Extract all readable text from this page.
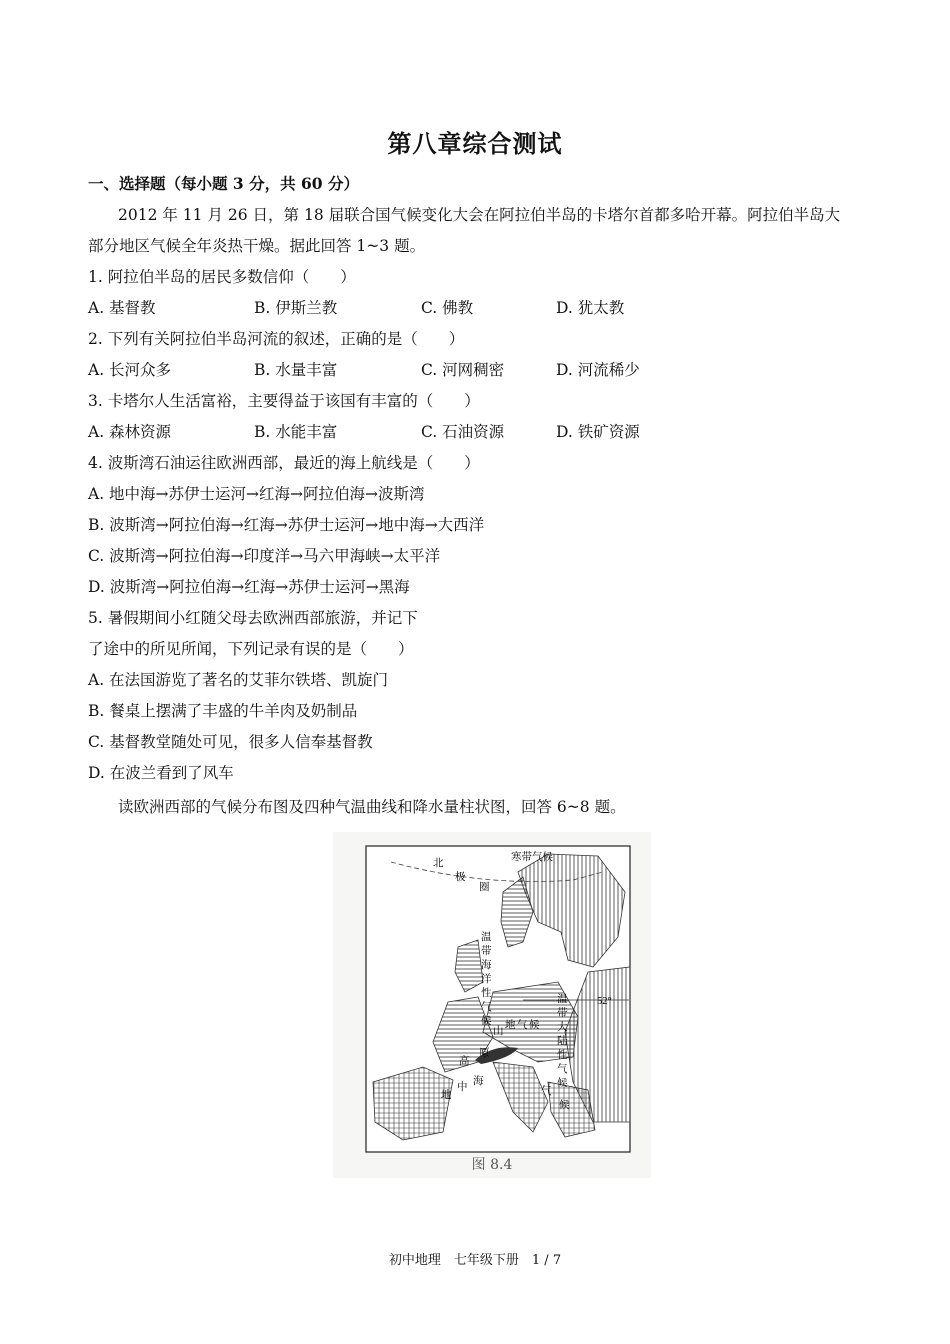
第八章综合测试
一、选择题（每小题 3 分，共 60 分）
2012 年 11 月 26 日，第 18 届联合国气候变化大会在阿拉伯半岛的卡塔尔首都多哈开幕。阿拉伯半岛大
部分地区气候全年炎热干燥。据此回答 1~3 题。
1. 阿拉伯半岛的居民多数信仰（　　）
A. 基督教	B. 伊斯兰教	C. 佛教	D. 犹太教
2. 下列有关阿拉伯半岛河流的叙述，正确的是（　　）
A. 长河众多	B. 水量丰富	C. 河网稠密	D. 河流稀少
3. 卡塔尔人生活富裕，主要得益于该国有丰富的（　　）
A. 森林资源	B. 水能丰富	C. 石油资源	D. 铁矿资源
4. 波斯湾石油运往欧洲西部，最近的海上航线是（　　）
A. 地中海→苏伊士运河→红海→阿拉伯海→波斯湾
B. 波斯湾→阿拉伯海→红海→苏伊士运河→地中海→大西洋
C. 波斯湾→阿拉伯海→印度洋→马六甲海峡→太平洋
D. 波斯湾→阿拉伯海→红海→苏伊士运河→黑海
5. 暑假期间小红随父母去欧洲西部旅游，并记下
了途中的所见所闻，下列记录有误的是（　　）
A. 在法国游览了著名的艾菲尔铁塔、凯旋门
B. 餐桌上摆满了丰盛的牛羊肉及奶制品
C. 基督教堂随处可见，很多人信奉基督教
D. 在波兰看到了风车
读欧洲西部的气候分布图及四种气温曲线和降水量柱状图，回答 6~8 题。
寒带气候
北
极
圈
温
带
海
洋
性
气
候
温
带
大
陆
性
气
候
52°
高
原
山
地 气 候
地
中
海
气
候
图 8.4
初中地理　七年级下册　1 / 7
